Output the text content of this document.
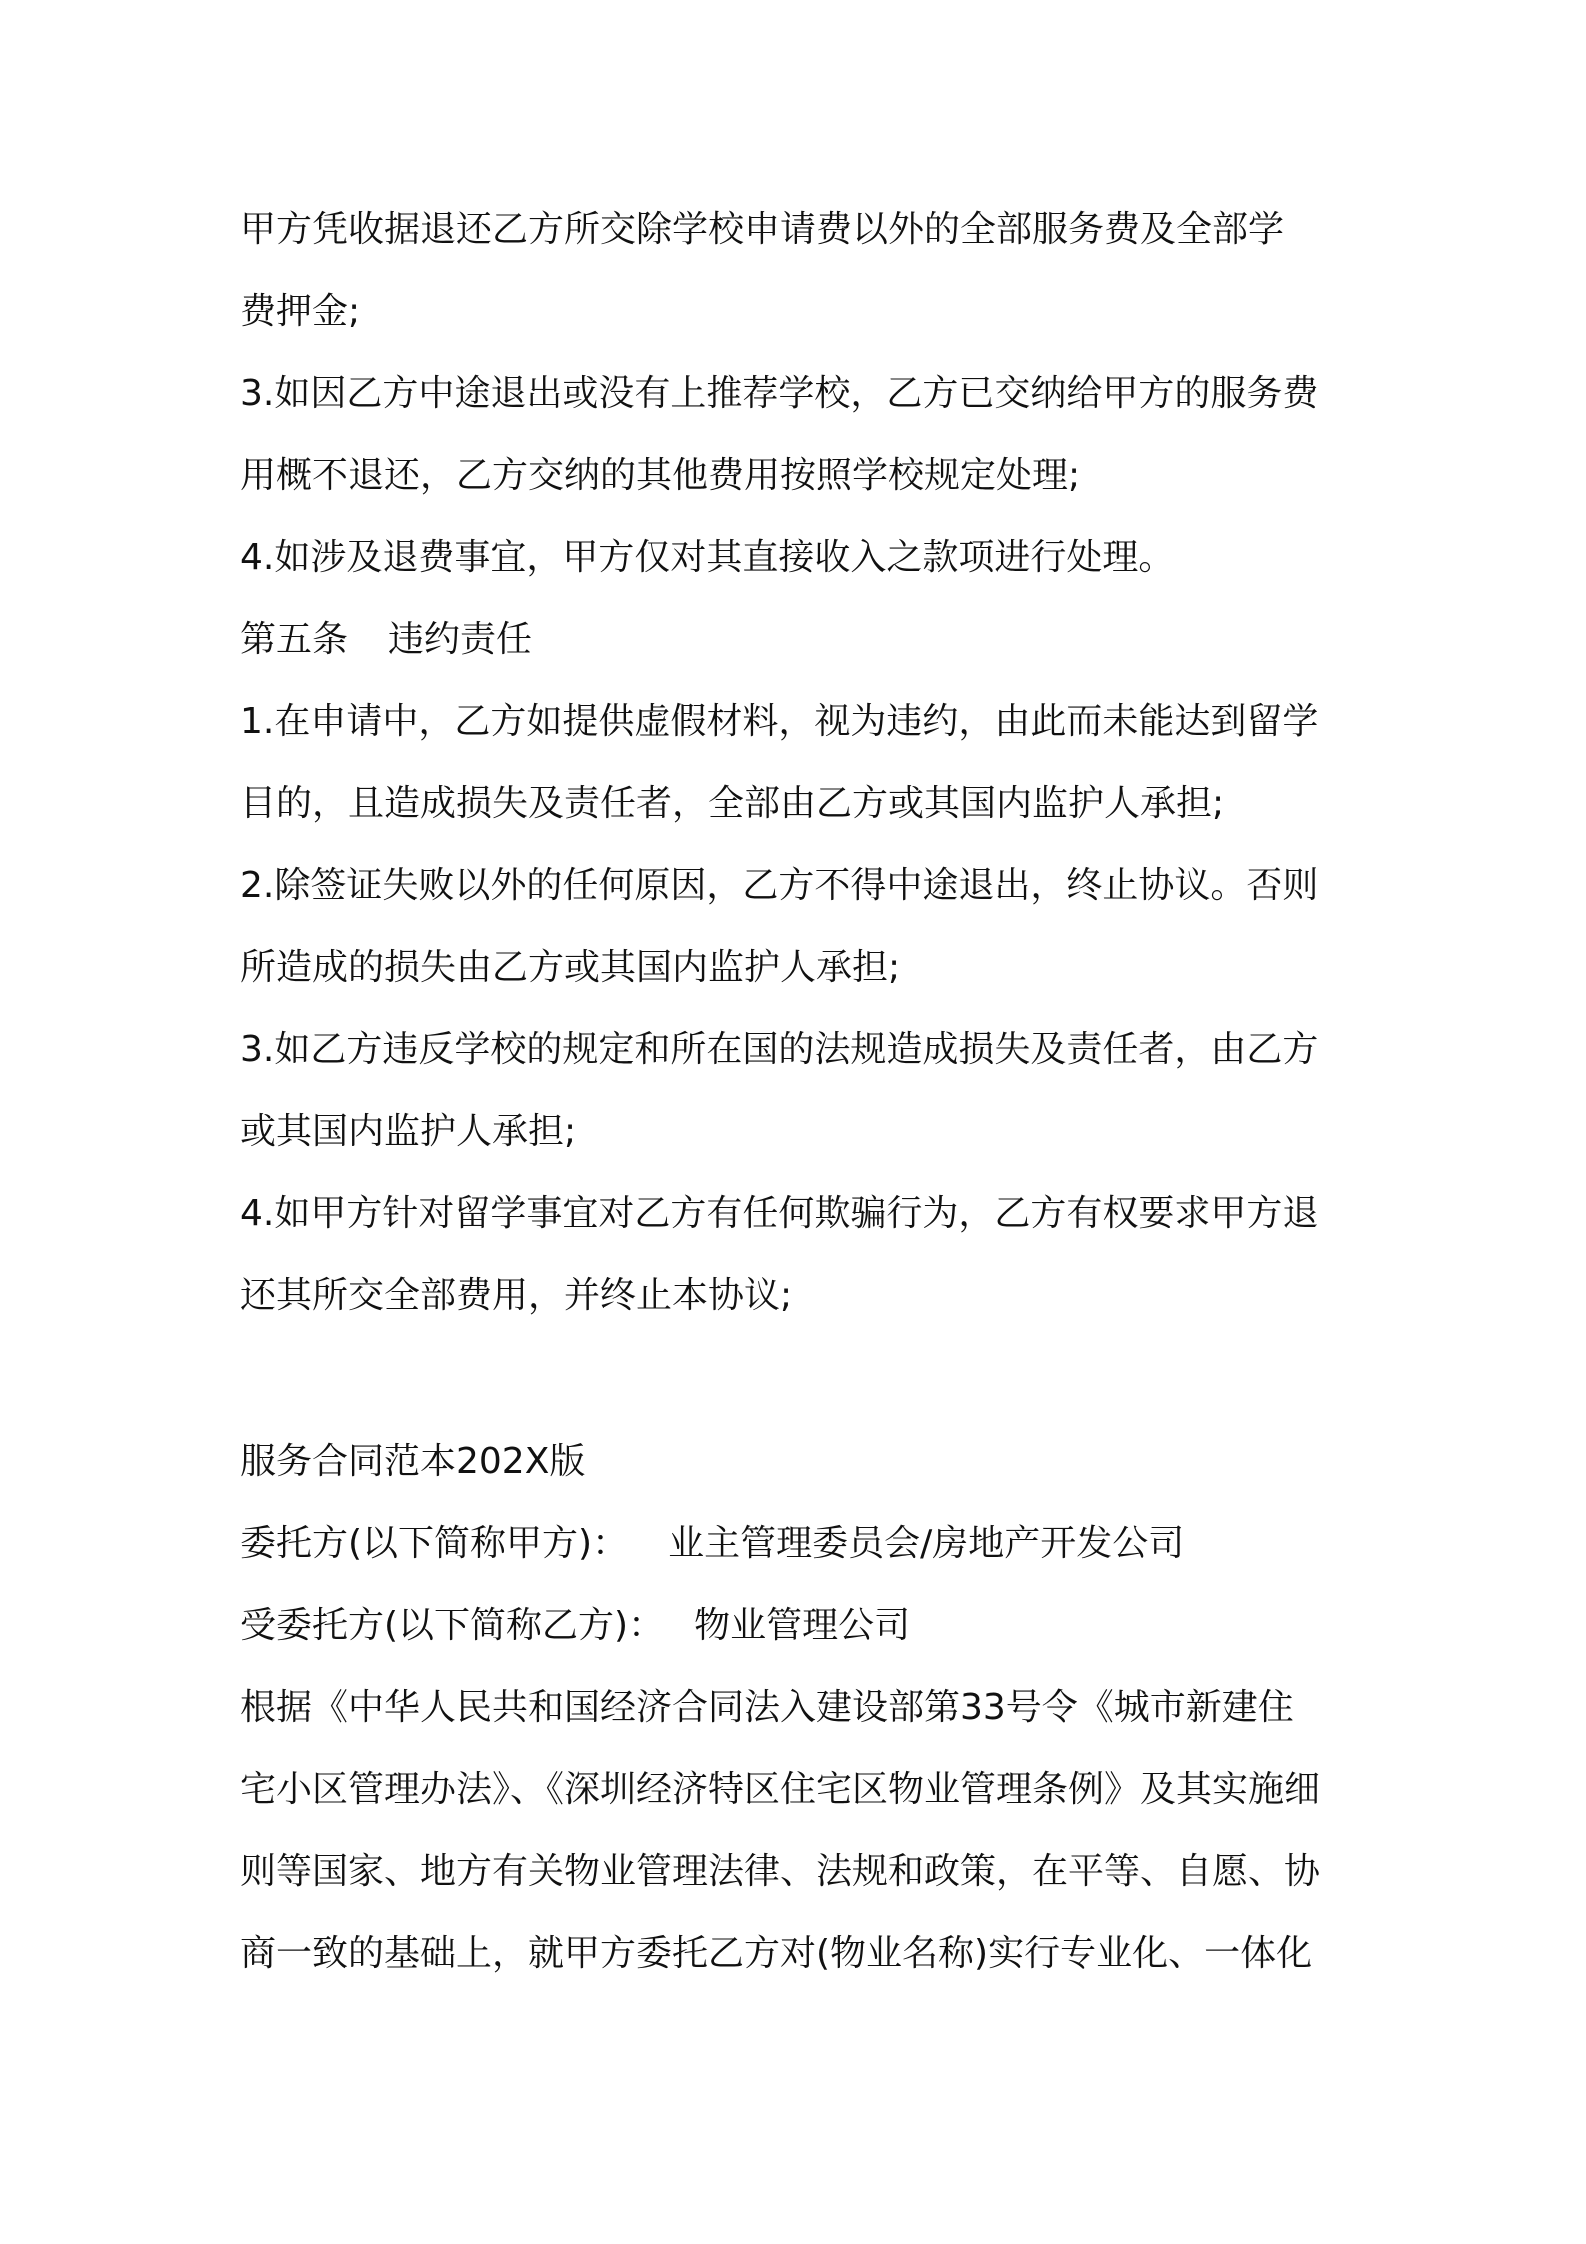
甲方凭收据退还乙方所交除学校申请费以外的全部服务费及全部学

费押金;

3.如因乙方中途退出或没有上推荐学校，乙方已交纳给甲方的服务费

用概不退还，乙方交纳的其他费用按照学校规定处理;

4.如涉及退费事宜，甲方仅对其直接收入之款项进行处理。

第五条 违约责任

1.在申请中，乙方如提供虚假材料，视为违约，由此而未能达到留学

目的，且造成损失及责任者，全部由乙方或其国内监护人承担;

2.除签证失败以外的任何原因，乙方不得中途退出，终止协议。否则

所造成的损失由乙方或其国内监护人承担;

3.如乙方违反学校的规定和所在国的法规造成损失及责任者，由乙方

或其国内监护人承担;

4.如甲方针对留学事宜对乙方有任何欺骗行为，乙方有权要求甲方退

还其所交全部费用，并终止本协议;

服务合同范本202X版

委托方(以下简称甲方)： 业主管理委员会/房地产开发公司

受委托方(以下简称乙方)： 物业管理公司

根据《中华人民共和国经济合同法入建设部第33号令《城市新建住

宅小区管理办法》、《深圳经济特区住宅区物业管理条例》及其实施细

则等国家、地方有关物业管理法律、法规和政策，在平等、自愿、协

商一致的基础上，就甲方委托乙方对(物业名称)实行专业化、一体化
